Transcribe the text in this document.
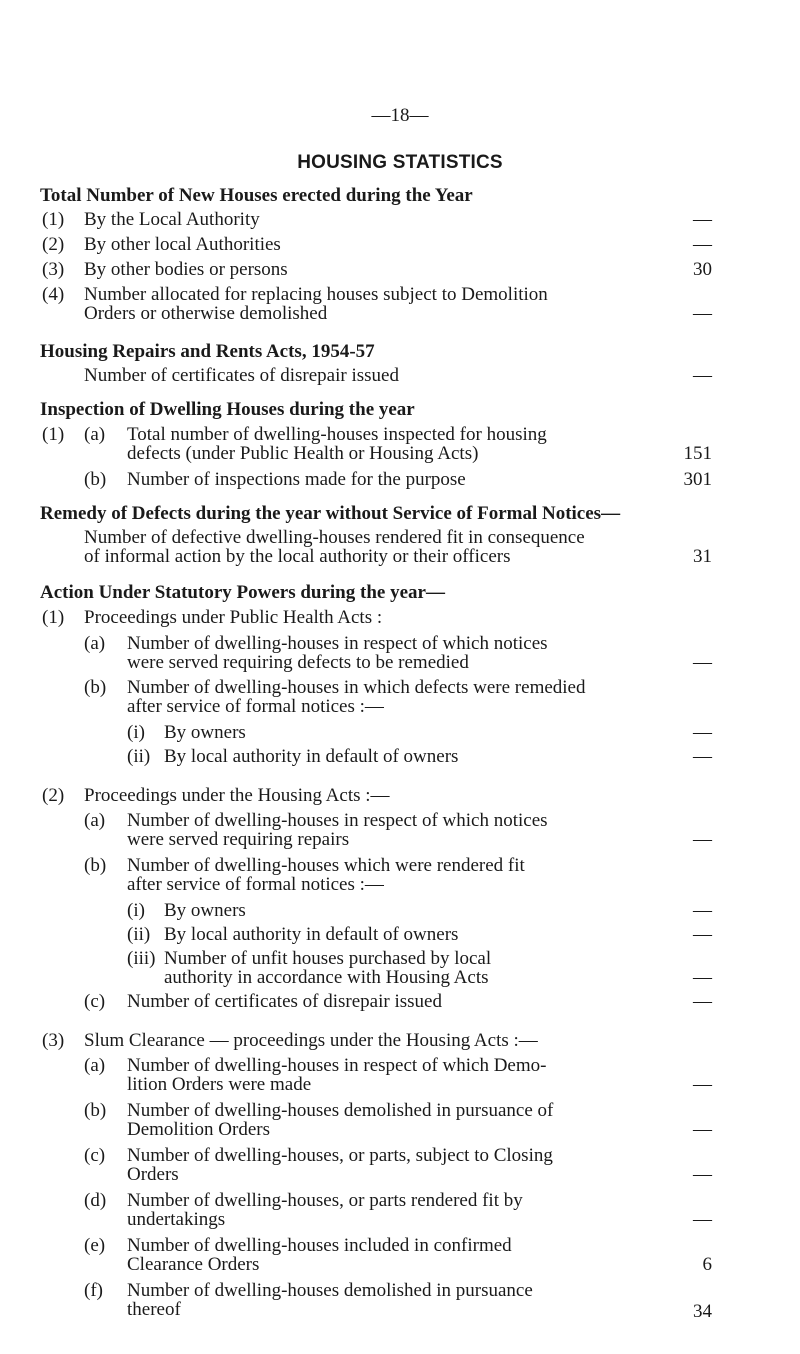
—18—
HOUSING STATISTICS
Total Number of New Houses erected during the Year
(1) By the Local Authority	—
(2) By other local Authorities	—
(3) By other bodies or persons	30
(4) Number allocated for replacing houses subject to Demolition
Orders or otherwise demolished	—
Housing Repairs and Rents Acts, 1954-57
Number of certificates of disrepair issued	—
Inspection of Dwelling Houses during the year
(1) (a) Total number of dwelling-houses inspected for housing
defects (under Public Health or Housing Acts)	151
(b) Number of inspections made for the purpose	301
Remedy of Defects during the year without Service of Formal Notices—
Number of defective dwelling-houses rendered fit in consequence
of informal action by the local authority or their officers	31
Action Under Statutory Powers during the year—
(1) Proceedings under Public Health Acts :
(a) Number of dwelling-houses in respect of which notices
were served requiring defects to be remedied	—
(b) Number of dwelling-houses in which defects were remedied
after service of formal notices :—
(i) By owners	—
(ii) By local authority in default of owners	—
(2) Proceedings under the Housing Acts :—
(a) Number of dwelling-houses in respect of which notices
were served requiring repairs	—
(b) Number of dwelling-houses which were rendered fit
after service of formal notices :—
(i) By owners	—
(ii) By local authority in default of owners	—
(iii) Number of unfit houses purchased by local
authority in accordance with Housing Acts	—
(c) Number of certificates of disrepair issued	—
(3) Slum Clearance — proceedings under the Housing Acts :—
(a) Number of dwelling-houses in respect of which Demo-
lition Orders were made	—
(b) Number of dwelling-houses demolished in pursuance of
Demolition Orders	—
(c) Number of dwelling-houses, or parts, subject to Closing
Orders	—
(d) Number of dwelling-houses, or parts rendered fit by
undertakings	—
(e) Number of dwelling-houses included in confirmed
Clearance Orders	6
(f) Number of dwelling-houses demolished in pursuance
thereof	34
